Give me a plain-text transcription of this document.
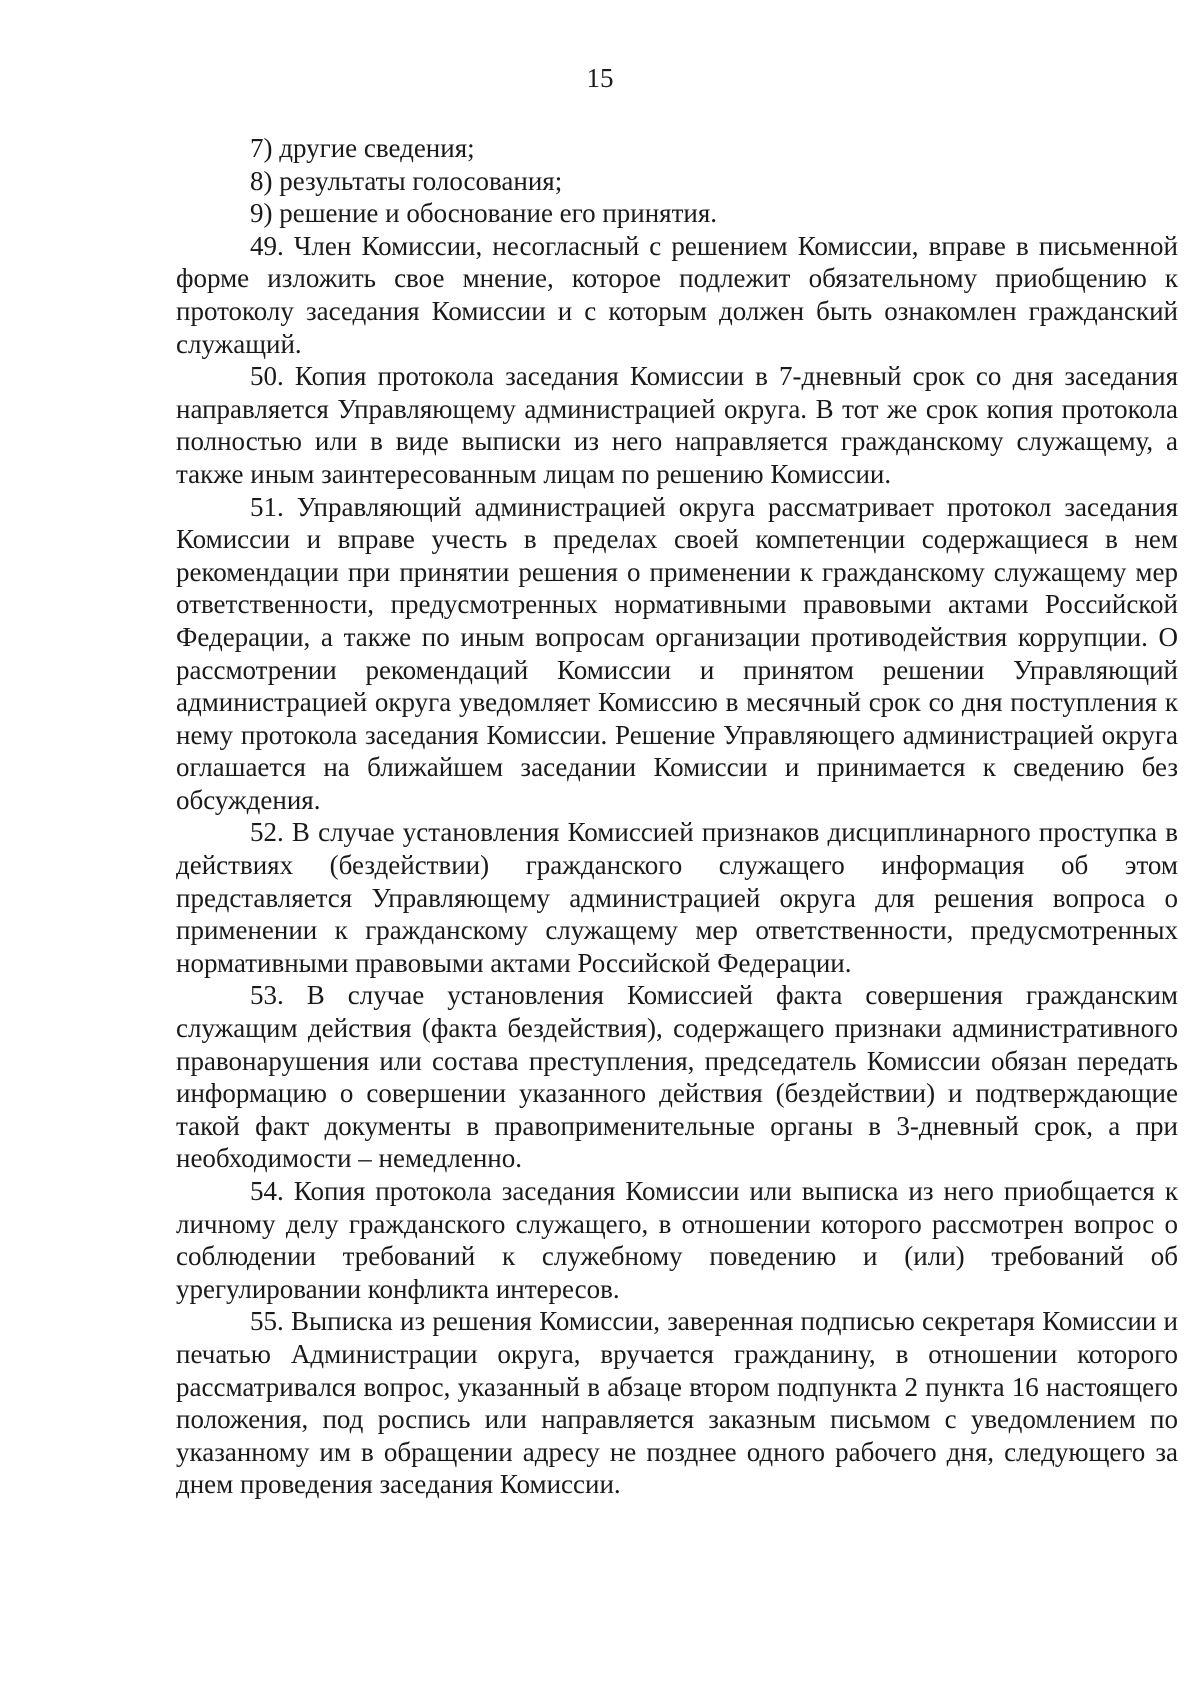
15

7) другие сведения;

8) результаты голосования;

9) решение и обоснование его принятия.

49. Член Комиссии, несогласный с решением Комиссии, вправе в письменной форме изложить свое мнение, которое подлежит обязательному приобщению к протоколу заседания Комиссии и с которым должен быть ознакомлен гражданский служащий.

50. Копия протокола заседания Комиссии в 7-дневный срок со дня заседания направляется Управляющему администрацией округа. В тот же срок копия протокола полностью или в виде выписки из него направляется гражданскому служащему, а также иным заинтересованным лицам по решению Комиссии.

51. Управляющий администрацией округа рассматривает протокол заседания Комиссии и вправе учесть в пределах своей компетенции содержащиеся в нем рекомендации при принятии решения о применении к гражданскому служащему мер ответственности, предусмотренных нормативными правовыми актами Российской Федерации, а также по иным вопросам организации противодействия коррупции. О рассмотрении рекомендаций Комиссии и принятом решении Управляющий администрацией округа уведомляет Комиссию в месячный срок со дня поступления к нему протокола заседания Комиссии. Решение Управляющего администрацией округа оглашается на ближайшем заседании Комиссии и принимается к сведению без обсуждения.

52. В случае установления Комиссией признаков дисциплинарного проступка в действиях (бездействии) гражданского служащего информация об этом представляется Управляющему администрацией округа для решения вопроса о применении к гражданскому служащему мер ответственности, предусмотренных нормативными правовыми актами Российской Федерации.

53. В случае установления Комиссией факта совершения гражданским служащим действия (факта бездействия), содержащего признаки административного правонарушения или состава преступления, председатель Комиссии обязан передать информацию о совершении указанного действия (бездействии) и подтверждающие такой факт документы в правоприменительные органы в 3-дневный срок, а при необходимости – немедленно.

54. Копия протокола заседания Комиссии или выписка из него приобщается к личному делу гражданского служащего, в отношении которого рассмотрен вопрос о соблюдении требований к служебному поведению и (или) требований об урегулировании конфликта интересов.

55. Выписка из решения Комиссии, заверенная подписью секретаря Комиссии и печатью Администрации округа, вручается гражданину, в отношении которого рассматривался вопрос, указанный в абзаце втором подпункта 2 пункта 16 настоящего положения, под роспись или направляется заказным письмом с уведомлением по указанному им в обращении адресу не позднее одного рабочего дня, следующего за днем проведения заседания Комиссии.
